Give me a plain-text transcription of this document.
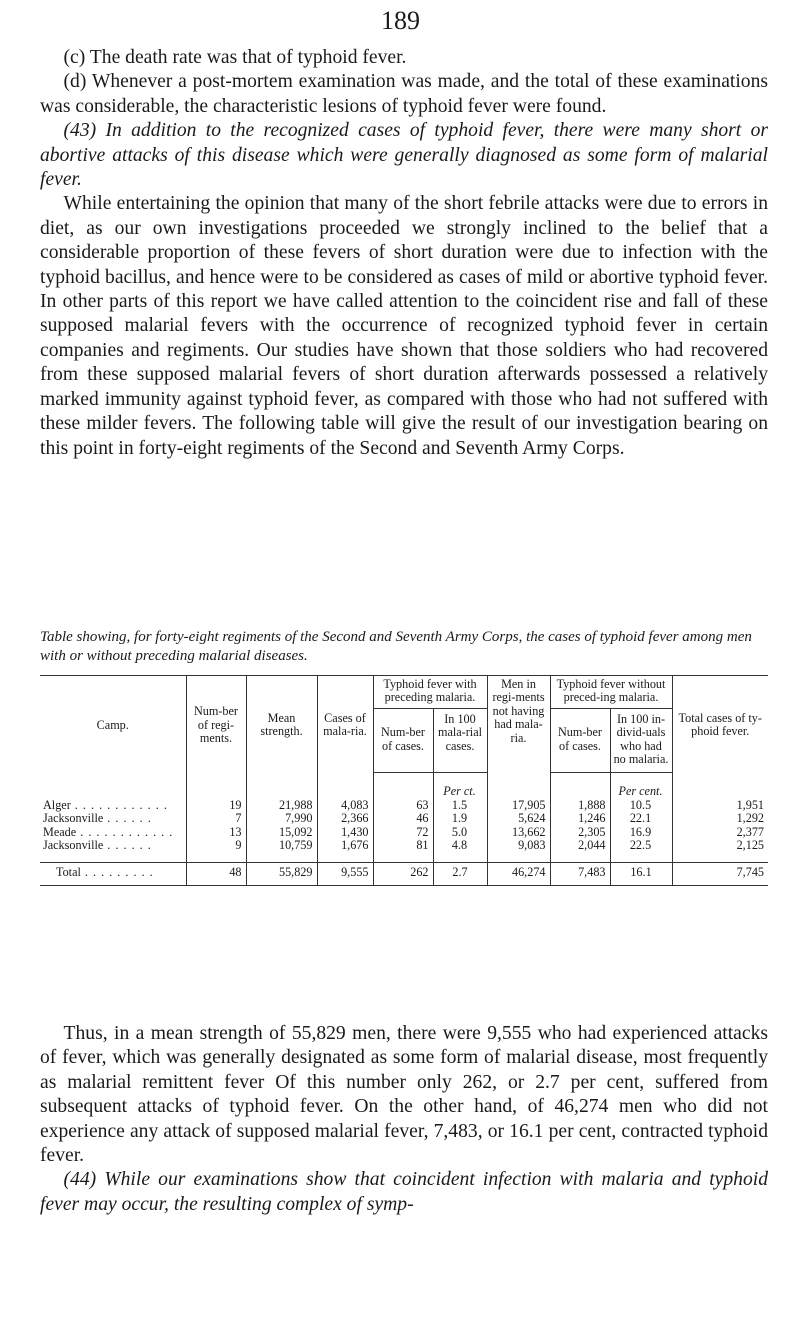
189

(c) The death rate was that of typhoid fever.

(d) Whenever a post-mortem examination was made, and the total of these examinations was considerable, the characteristic lesions of typhoid fever were found.

(43) In addition to the recognized cases of typhoid fever, there were many short or abortive attacks of this disease which were generally diagnosed as some form of malarial fever.

While entertaining the opinion that many of the short febrile attacks were due to errors in diet, as our own investigations proceeded we strongly inclined to the belief that a considerable proportion of these fevers of short duration were due to infection with the typhoid bacillus, and hence were to be considered as cases of mild or abortive typhoid fever. In other parts of this report we have called attention to the coincident rise and fall of these supposed malarial fevers with the occurrence of recognized typhoid fever in certain companies and regiments. Our studies have shown that those soldiers who had recovered from these supposed malarial fevers of short duration afterwards possessed a relatively marked immunity against typhoid fever, as compared with those who had not suffered with these milder fevers. The following table will give the result of our investigation bearing on this point in forty-eight regiments of the Second and Seventh Army Corps.

Table showing, for forty-eight regiments of the Second and Seventh Army Corps, the cases of typhoid fever among men with or without preceding malarial diseases.
Camp.	Num-ber of regi-ments.	Mean strength.	Cases of mala-ria.	Typhoid fever with preceding malaria.		Men in regi-ments not having had mala-ria.	Typhoid fever without preced-ing malaria.		Total cases of ty-phoid fever.
				Num-ber of cases.	In 100 mala-rial cases.		Num-ber of cases.	In 100 in-divid-uals who had no malaria.	
					Per ct.			Per cent.	
Alger . . . . . . . . . . . .	19	21,988	4,083	63	1.5	17,905	1,888	10.5	1,951
Jacksonville . . . . . .	7	7,990	2,366	46	1.9	5,624	1,246	22.1	1,292
Meade . . . . . . . . . . . .	13	15,092	1,430	72	5.0	13,662	2,305	16.9	2,377
Jacksonville . . . . . .	9	10,759	1,676	81	4.8	9,083	2,044	22.5	2,125
Total . . . . . . . . .	48	55,829	9,555	262	2.7	46,274	7,483	16.1	7,745

Thus, in a mean strength of 55,829 men, there were 9,555 who had experienced attacks of fever, which was generally designated as some form of malarial disease, most frequently as malarial remittent fever Of this number only 262, or 2.7 per cent, suffered from subsequent attacks of typhoid fever. On the other hand, of 46,274 men who did not experience any attack of supposed malarial fever, 7,483, or 16.1 per cent, contracted typhoid fever.

(44) While our examinations show that coincident infection with malaria and typhoid fever may occur, the resulting complex of symp-
